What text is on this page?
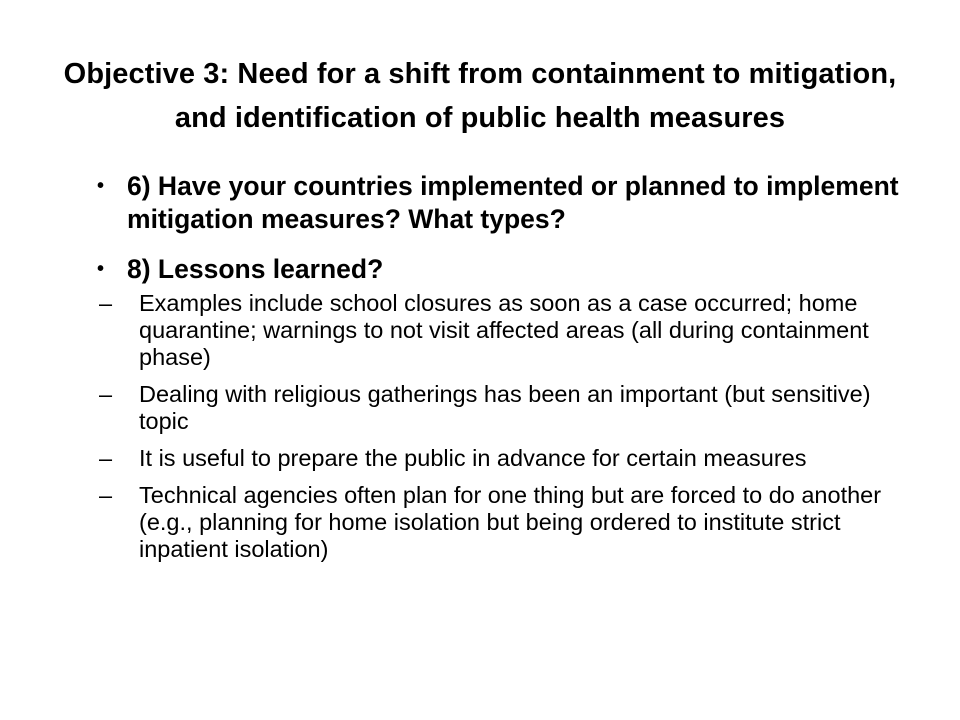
Objective 3: Need for a shift from containment to mitigation, and identification of public health measures
• 6) Have your countries implemented or planned to implement mitigation measures? What types?
• 8) Lessons learned?
– Examples include school closures as soon as a case occurred; home quarantine; warnings to not visit affected areas (all during containment phase)
– Dealing with religious gatherings has been an important (but sensitive) topic
– It is useful to prepare the public in advance for certain measures
– Technical agencies often plan for one thing but are forced to do another (e.g., planning for home isolation but being ordered to institute strict inpatient isolation)
